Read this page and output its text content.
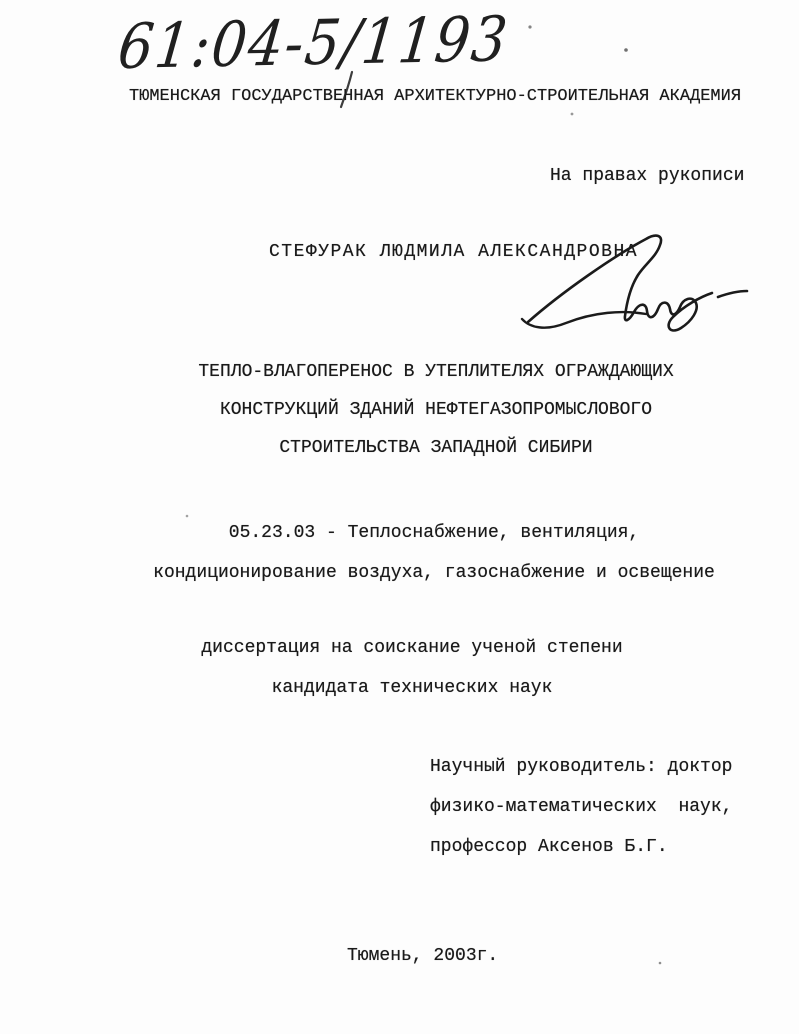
61:04-5/1193
ТЮМЕНСКАЯ ГОСУДАРСТВЕННАЯ АРХИТЕКТУРНО-СТРОИТЕЛЬНАЯ АКАДЕМИЯ
На правах рукописи
СТЕФУРАК ЛЮДМИЛА АЛЕКСАНДРОВНА
ТЕПЛО-ВЛАГОПЕРЕНОС В УТЕПЛИТЕЛЯХ ОГРАЖДАЮЩИХ
КОНСТРУКЦИЙ ЗДАНИЙ НЕФТЕГАЗОПРОМЫСЛОВОГО
СТРОИТЕЛЬСТВА ЗАПАДНОЙ СИБИРИ
05.23.03 - Теплоснабжение, вентиляция,
кондиционирование воздуха, газоснабжение и освещение
диссертация на соискание ученой степени
кандидата технических наук
Научный руководитель: доктор
физико-математических  наук,
профессор Аксенов Б.Г.
Тюмень, 2003г.
